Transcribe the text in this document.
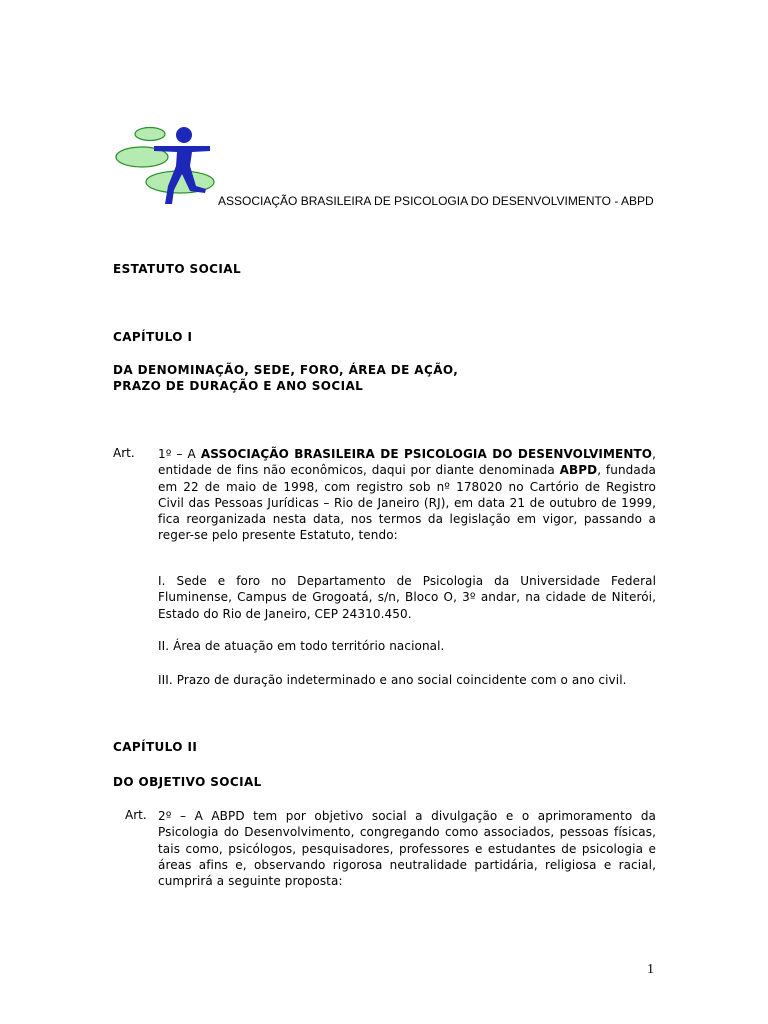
ASSOCIAÇÃO BRASILEIRA DE PSICOLOGIA DO DESENVOLVIMENTO - ABPD
ESTATUTO SOCIAL
CAPÍTULO I
DA DENOMINAÇÃO, SEDE, FORO, ÁREA DE AÇÃO,
PRAZO DE DURAÇÃO E ANO SOCIAL
Art. 1º – A ASSOCIAÇÃO BRASILEIRA DE PSICOLOGIA DO DESENVOLVIMENTO, entidade de fins não econômicos, daqui por diante denominada ABPD, fundada em 22 de maio de 1998, com registro sob nº 178020 no Cartório de Registro Civil das Pessoas Jurídicas – Rio de Janeiro (RJ), em data 21 de outubro de 1999, fica reorganizada nesta data, nos termos da legislação em vigor, passando a reger-se pelo presente Estatuto, tendo:
I. Sede e foro no Departamento de Psicologia da Universidade Federal Fluminense, Campus de Grogoatá, s/n, Bloco O, 3º andar, na cidade de Niterói, Estado do Rio de Janeiro, CEP 24310.450.
II. Área de atuação em todo território nacional.
III. Prazo de duração indeterminado e ano social coincidente com o ano civil.
CAPÍTULO II
DO OBJETIVO SOCIAL
Art. 2º – A ABPD tem por objetivo social a divulgação e o aprimoramento da Psicologia do Desenvolvimento, congregando como associados, pessoas físicas, tais como, psicólogos, pesquisadores, professores e estudantes de psicologia e áreas afins e, observando rigorosa neutralidade partidária, religiosa e racial, cumprirá a seguinte proposta:
1
